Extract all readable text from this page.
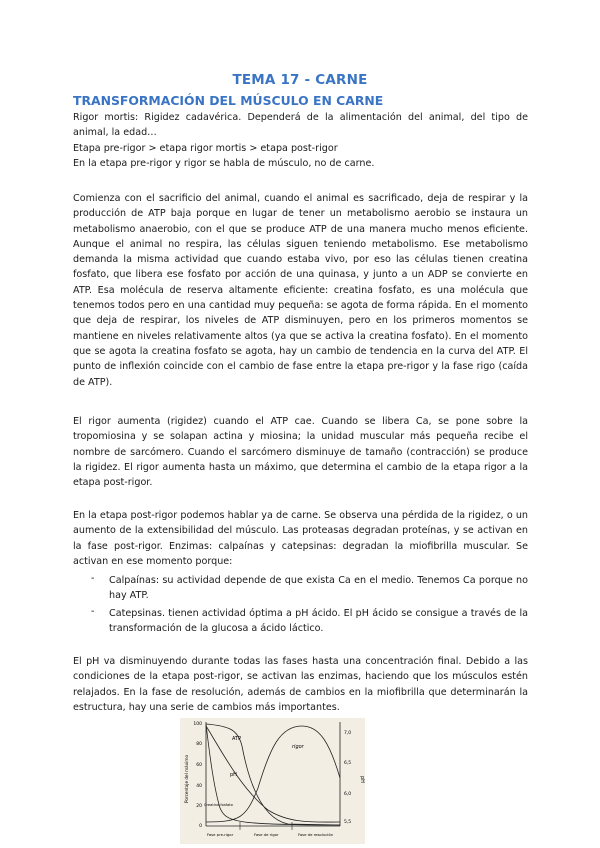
TEMA 17 - CARNE
TRANSFORMACIÓN DEL MÚSCULO EN CARNE

Rigor mortis: Rigidez cadavérica. Dependerá de la alimentación del animal, del tipo de animal, la edad…

Etapa pre-rigor > etapa rigor mortis > etapa post-rigor

En la etapa pre-rigor y rigor se habla de músculo, no de carne.

Comienza con el sacrificio del animal, cuando el animal es sacrificado, deja de respirar y la producción de ATP baja porque en lugar de tener un metabolismo aerobio se instaura un metabolismo anaerobio, con el que se produce ATP de una manera mucho menos eficiente. Aunque el animal no respira, las células siguen teniendo metabolismo. Ese metabolismo demanda la misma actividad que cuando estaba vivo, por eso las células tienen creatina fosfato, que libera ese fosfato por acción de una quinasa, y junto a un ADP se convierte en ATP. Esa molécula de reserva altamente eficiente: creatina fosfato, es una molécula que tenemos todos pero en una cantidad muy pequeña: se agota de forma rápida. En el momento que deja de respirar, los niveles de ATP disminuyen, pero en los primeros momentos se mantiene en niveles relativamente altos (ya que se activa la creatina fosfato). En el momento que se agota la creatina fosfato se agota, hay un cambio de tendencia en la curva del ATP. El punto de inflexión coincide con el cambio de fase entre la etapa pre-rigor y la fase rigo (caída de ATP).

El rigor aumenta (rigidez) cuando el ATP cae. Cuando se libera Ca, se pone sobre la tropomiosina y se solapan actina y miosina; la unidad muscular más pequeña recibe el nombre de sarcómero. Cuando el sarcómero disminuye de tamaño (contracción) se produce la rigidez. El rigor aumenta hasta un máximo, que determina el cambio de la etapa rigor a la etapa post-rigor.

En la etapa post-rigor podemos hablar ya de carne. Se observa una pérdida de la rigidez, o un aumento de la extensibilidad del músculo. Las proteasas degradan proteínas, y se activan en la fase post-rigor. Enzimas: calpaínas y catepsinas: degradan la miofibrilla muscular. Se activan en ese momento porque:

- Calpaínas: su actividad depende de que exista Ca en el medio. Tenemos Ca porque no hay ATP.

- Catepsinas. tienen actividad óptima a pH ácido. El pH ácido se consigue a través de la transformación de la glucosa a ácido láctico.

El pH va disminuyendo durante todas las fases hasta una concentración final. Debido a las condiciones de la etapa post-rigor, se activan las enzimas, haciendo que los músculos estén relajados. En la fase de resolución, además de cambios en la miofibrilla que determinarán la estructura, hay una serie de cambios más importantes.

100
80
60
40
20
0
7,0
6,5
6,0
5,5
Porcentaje del máximo	pH
ATP
rigor
pH
Creatina fosfato
Fase pre-rigor	Fase de rigor	Fase de resolución
